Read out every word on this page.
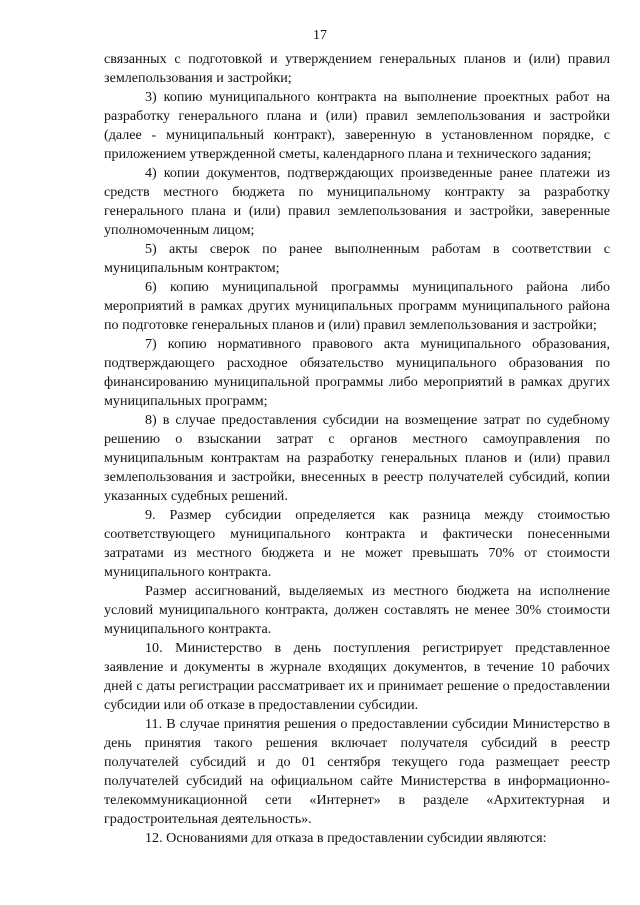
17

связанных с подготовкой и утверждением генеральных планов и (или) правил землепользования и застройки;

3) копию муниципального контракта на выполнение проектных работ на разработку генерального плана и (или) правил землепользования и застройки (далее - муниципальный контракт), заверенную в установленном порядке, с приложением утвержденной сметы, календарного плана и технического задания;

4) копии документов, подтверждающих произведенные ранее платежи из средств местного бюджета по муниципальному контракту за разработку генерального плана и (или) правил землепользования и застройки, заверенные уполномоченным лицом;

5) акты сверок по ранее выполненным работам в соответствии с муниципальным контрактом;

6) копию муниципальной программы муниципального района либо мероприятий в рамках других муниципальных программ муниципального района по подготовке генеральных планов и (или) правил землепользования и застройки;

7) копию нормативного правового акта муниципального образования, подтверждающего расходное обязательство муниципального образования по финансированию муниципальной программы либо мероприятий в рамках других муниципальных программ;

8) в случае предоставления субсидии на возмещение затрат по судебному решению о взыскании затрат с органов местного самоуправления по муниципальным контрактам на разработку генеральных планов и (или) правил землепользования и застройки, внесенных в реестр получателей субсидий, копии указанных судебных решений.

9. Размер субсидии определяется как разница между стоимостью соответствующего муниципального контракта и фактически понесенными затратами из местного бюджета и не может превышать 70% от стоимости муниципального контракта.

Размер ассигнований, выделяемых из местного бюджета на исполнение условий муниципального контракта, должен составлять не менее 30% стоимости муниципального контракта.

10. Министерство в день поступления регистрирует представленное заявление и документы в журнале входящих документов, в течение 10 рабочих дней с даты регистрации рассматривает их и принимает решение о предоставлении субсидии или об отказе в предоставлении субсидии.

11. В случае принятия решения о предоставлении субсидии Министерство в день принятия такого решения включает получателя субсидий в реестр получателей субсидий и до 01 сентября текущего года размещает реестр получателей субсидий на официальном сайте Министерства в информационно-телекоммуникационной сети «Интернет» в разделе «Архитектурная и градостроительная деятельность».

12. Основаниями для отказа в предоставлении субсидии являются:
